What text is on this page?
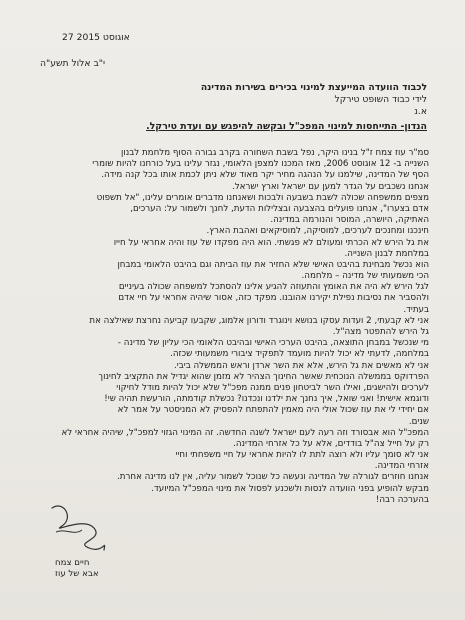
27 אוגוסט 2015
י"ב אלול תשע"ה
לכבוד הוועדה המייעצת למינוי בכירים בשירות המדינה
לידי כבוד השופט טירקל
א.נ
הנדון- התייחסות למינוי המפכ"ל ובקשה להיפגש עם ועדת טירקל.
סמ"ר עוז צמח ז"ל בנינו היקר, נפל בשבת השחורה בקרב גבורה הסוף מלחמת לבנון
השנייה ב- 12 אוגוסט 2006, מאז המכנו למצפן הלאומי, נגזר עלינו בעל כורחנו להיות שומרי
הסף של המדינה, שילמנו על הנהגה מחיר יקר מאוד שלא ניתן לכמת אותו בכל קנה מידה.
אנחנו נשכבים על הגדר למען עם ישראל וארץ ישראל.
מצפים ממשפחה שכולה לשבת בשבעה ולבכות ושאנחנו מדברים אומרים עלינו, "אל תשפוט
אדם בצערו", אנחנו פועלים בהצבעה ובצלילות הדעת, לחנך ולשמור על: הערכים,
האתיקה, היושרה, המוסר והנורמה במדינה.
חינכנו ומחנכים לערכים, למוסיקה, למוסיקאים ואהבת הארץ.
את גל הירש לא הכרתי ומעולם לא פגשתי. הוא היה מפקדו של עוז והיה אחראי על חייו
במלחמת לבנון השנייה.
הוא נכשל מבחינת בהיבט האישי שלא החזיר את עוז הביתה וגם בהיבט הלאומי במבחן
הכי משמעותי של מדינה – מלחמה.
לגל הירש לא היה את האומץ והתעוזה להגיע אלינו להסתכל למשפחה שכולה בעיניים
ולהסביר את נסיבות נפילת יקירנו אהובנו. מפקד כזה, אסור שיהיה אחראי על חיי אדם
בעתיד.
אני לא קבעתי, 2 ועדות עסקו בנושא וינוגרד ודורון אלמוג, שקבעו קביעה נחרצת שאילצה את
גל הירש להתפטר מצה"ל.
מי שנכשל במבחן התוצאה, בהיבט הערכי האישי ובהיבט הלאומי הכי עליון של מדינה -
במלחמה, לדעתי לא יכול להיות מועמד לתפקיד ציבורי משמעותי שכזה.
אני לא מאשים את גל הירש, אלא את השר ארדן וראש הממשלה ביבי.
הפרדוקס בממשלה הנוכחית שאשר החינוך הצהיר לא מזמן שהוא יגדיל את התקציב לחינוך
לערכים ולהישגים, ואילו השר לביטחון פנים ממנה מפכ"ל שלא יכול להיות מודל לחיקוי
ודוגמא אישית! ואני שואל, איך נחנך את ילדנו ונכדנו? נכשלת קודמתה, הורעשת תהיה שי!
אם יחידי לי את עוז שכול אולי היה מאמין להתפתח להפסיק לא המניסטר על אמר לא
שנים.
המפכ"ל הוא אבסורד וזה רעה לעם ישראל לשנה החדשה. זה המינוי הגזוי למפכ"ל, שיהיה אחראי לא
רק על חייל צה"ל בודדים, אלא על כל אזרחי המדינה.
אני לא סומך עליו ולא רוצה לתת לו להיות אחראי על חיי משפחתי וחיי
אזרחי המדינה.
אנחנו חוזרים לגורלה של המדינה ונעשה כל שנוכל לשמור עליה, אין לנו מדינה אחרת.
מבקש להופיע בפני הוועדה לנסות ולשכנע לפסול את מינוי המפכ"ל המיועד.
בהערכה רבה!
חיים צמח
אבא של עוז
